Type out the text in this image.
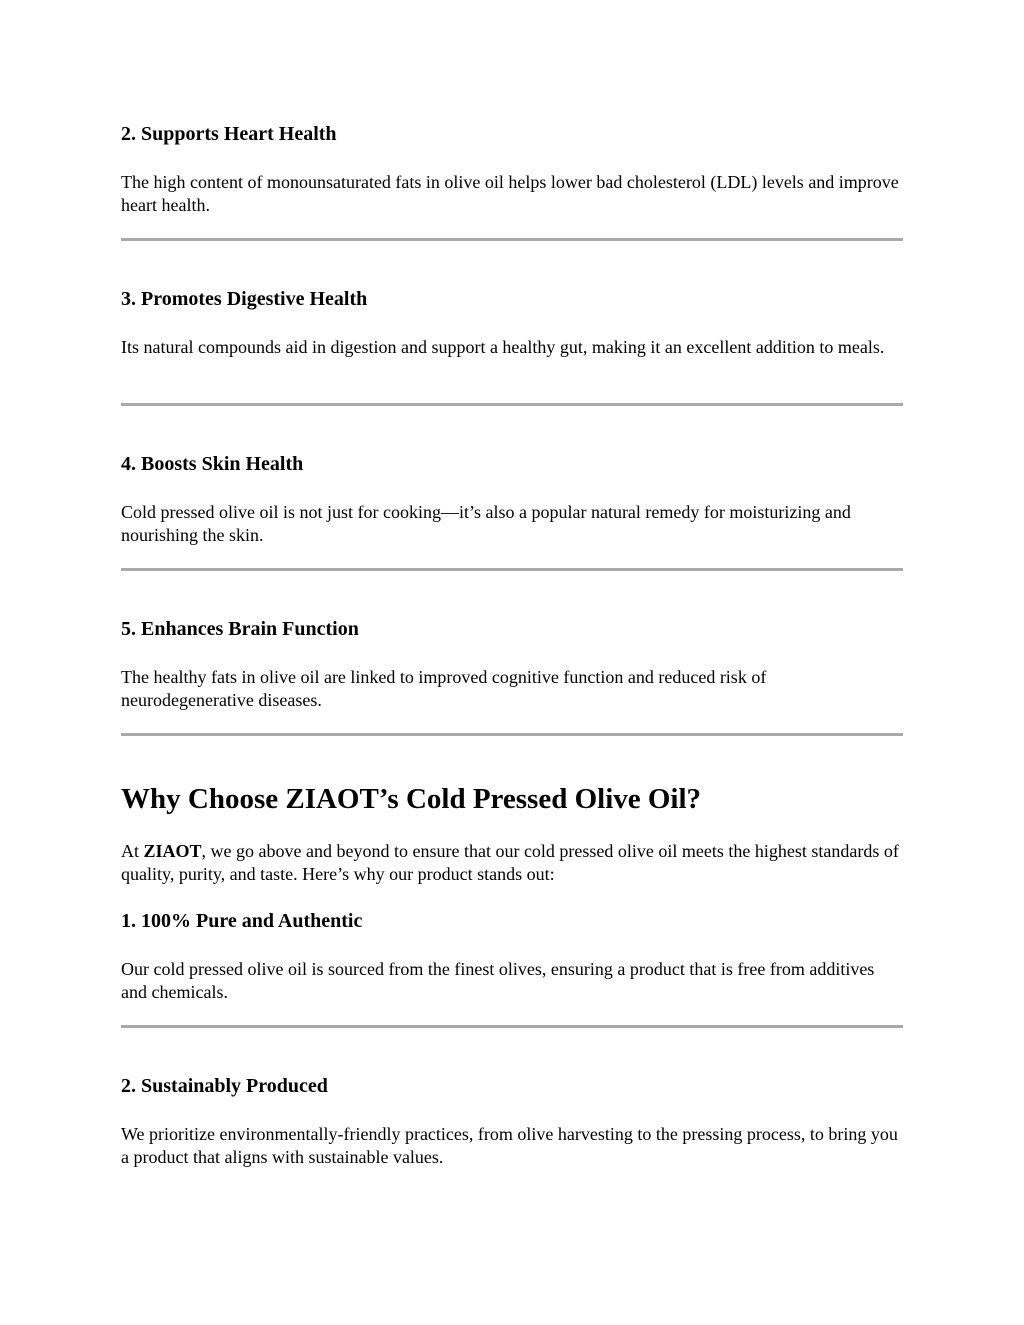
2. Supports Heart Health

The high content of monounsaturated fats in olive oil helps lower bad cholesterol (LDL) levels and improve heart health.

3. Promotes Digestive Health

Its natural compounds aid in digestion and support a healthy gut, making it an excellent addition to meals.

4. Boosts Skin Health

Cold pressed olive oil is not just for cooking—it’s also a popular natural remedy for moisturizing and nourishing the skin.

5. Enhances Brain Function

The healthy fats in olive oil are linked to improved cognitive function and reduced risk of neurodegenerative diseases.

Why Choose ZIAOT’s Cold Pressed Olive Oil?

At ZIAOT, we go above and beyond to ensure that our cold pressed olive oil meets the highest standards of quality, purity, and taste. Here’s why our product stands out:

1. 100% Pure and Authentic

Our cold pressed olive oil is sourced from the finest olives, ensuring a product that is free from additives and chemicals.

2. Sustainably Produced

We prioritize environmentally-friendly practices, from olive harvesting to the pressing process, to bring you a product that aligns with sustainable values.
